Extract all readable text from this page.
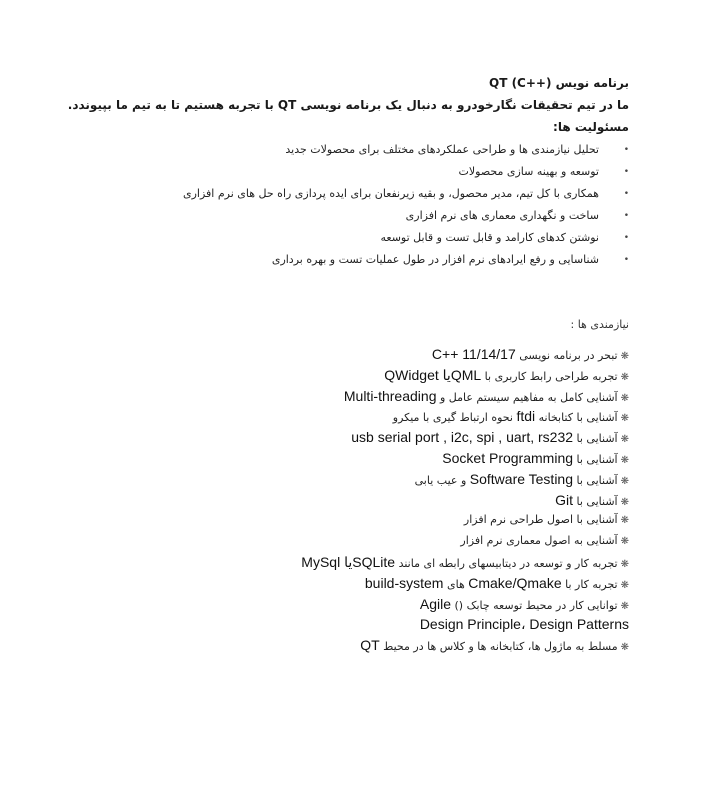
برنامه نویس QT (C++)
ما در تیم تحقیقات نگارخودرو به دنبال یک برنامه نویسی QT با تجربه هستیم تا به تیم ما بپیوندد.
مسئولیت ها:
•
تحلیل نیازمندی ها و طراحی عملکردهای مختلف برای محصولات جدید
•
توسعه و بهینه سازی محصولات
•
همکاری با کل تیم، مدیر محصول، و بقیه زیرنفعان برای ایده پردازی راه حل های نرم افزاری
•
ساخت و نگهداری معماری های نرم افزاری
•
نوشتن کدهای کارامد و قابل تست و قابل توسعه
•
شناسایی و رفع ایرادهای نرم افزار در طول عملیات تست و بهره برداری
نیازمندی ها :
❋تبحر در برنامه نویسی C++ 11/14/17
❋تجربه طراحی رابط کاربری با QMLیا QWidget
❋آشنایی کامل به مفاهیم سیستم عامل و Multi-threading
❋آشنایی با کتابخانه ftdi نحوه ارتباط گیری با میکرو
❋آشنایی با usb serial port , i2c, spi , uart, rs232
❋آشنایی با Socket Programming
❋آشنایی با Software Testing و عیب یابی
❋آشنایی با Git
❋آشنایی با اصول طراحی نرم افزار
❋آشنایی به اصول معماری نرم افزار
❋تجربه کار و توسعه در دیتابیسهای رابطه ای مانند SQLiteیا MySql
❋تجربه کار با Cmake/Qmake های build-system
❋توانایی کار در محیط توسعه چابک () Agile
Design Principle، Design Patterns
❋مسلط به ماژول ها، کتابخانه ها و کلاس ها در محیط QT
